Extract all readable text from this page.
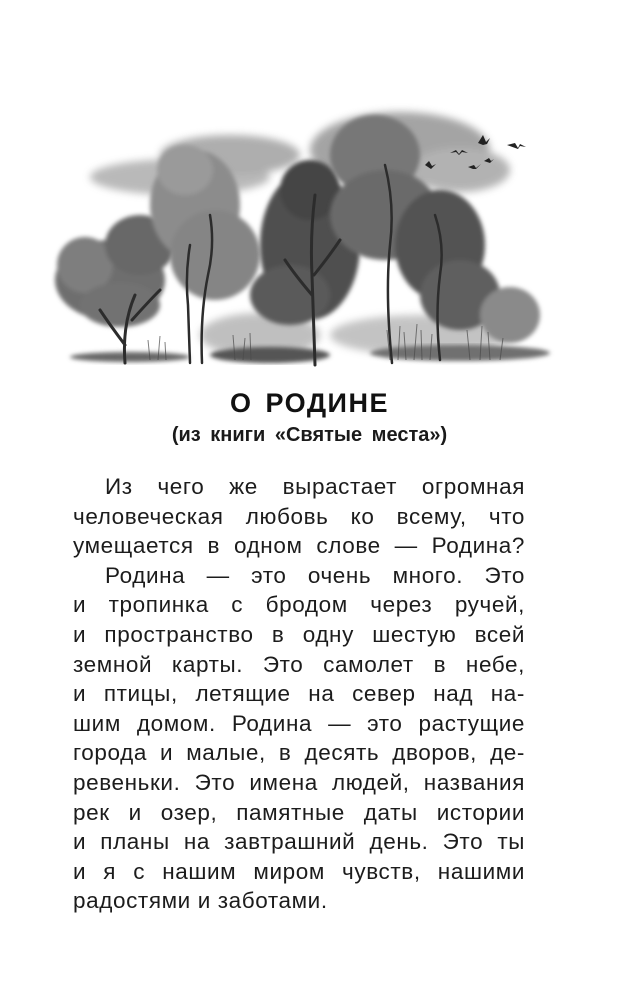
О РОДИНЕ
(из книги «Святые места»)
Из чего же вырастает огромная
человеческая любовь ко всему, что
умещается в одном слове — Родина?
Родина — это очень много. Это
и тропинка с бродом через ручей,
и пространство в одну шестую всей
земной карты. Это самолет в небе,
и птицы, летящие на север над на-
шим домом. Родина — это растущие
города и малые, в десять дворов, де-
ревеньки. Это имена людей, названия
рек и озер, памятные даты истории
и планы на завтрашний день. Это ты
и я с нашим миром чувств, нашими
радостями и заботами.
